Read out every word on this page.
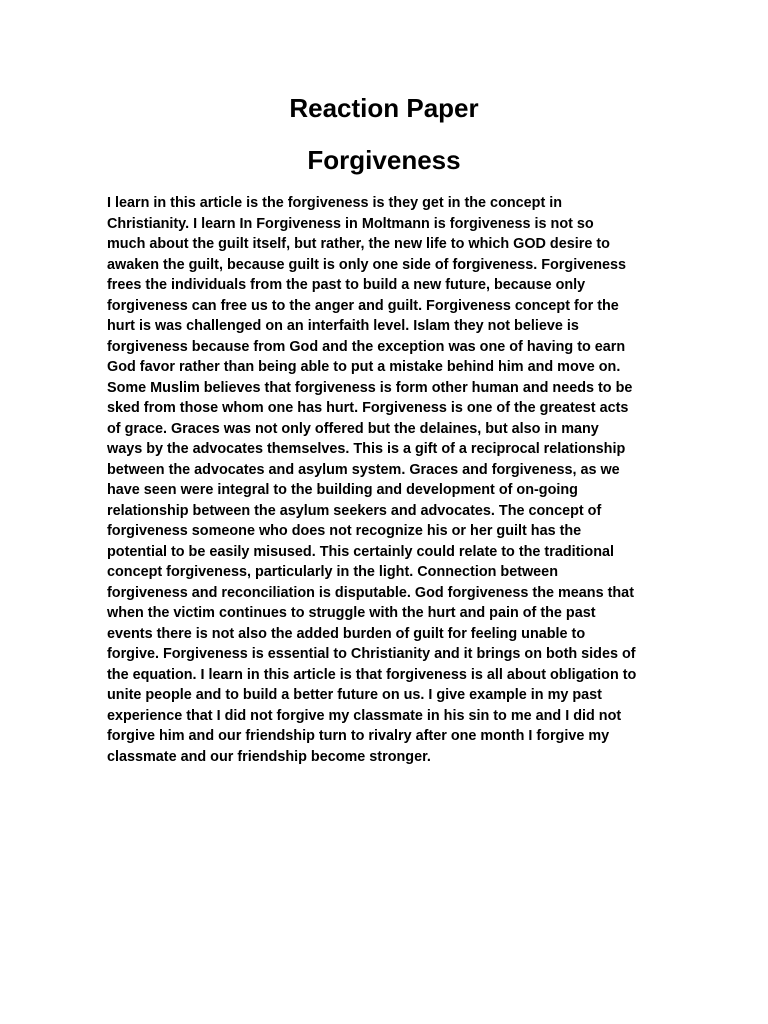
Reaction Paper
Forgiveness
I learn in this article is the forgiveness is they get in the concept in
Christianity. I learn In Forgiveness in Moltmann is forgiveness is not so
much about the guilt itself, but rather, the new life to which GOD desire to
awaken the guilt, because guilt is only one side of forgiveness. Forgiveness
frees the individuals from the past to build a new future, because only
forgiveness can free us to the anger and guilt. Forgiveness concept for the
hurt is was challenged on an interfaith level. Islam they not believe is
forgiveness because from God and the exception was one of having to earn
God favor rather than being able to put a mistake behind him and move on.
Some Muslim believes that forgiveness is form other human and needs to be
sked from those whom one has hurt. Forgiveness is one of the greatest acts
of grace. Graces was not only offered but the delaines, but also in many
ways by the advocates themselves. This is a gift of a reciprocal relationship
between the advocates and asylum system. Graces and forgiveness, as we
have seen were integral to the building and development of on-going
relationship between the asylum seekers and advocates. The concept of
forgiveness someone who does not recognize his or her guilt has the
potential to be easily misused. This certainly could relate to the traditional
concept forgiveness, particularly in the light. Connection between
forgiveness and reconciliation is disputable. God forgiveness the means that
when the victim continues to struggle with the hurt and pain of the past
events there is not also the added burden of guilt for feeling unable to
forgive. Forgiveness is essential to Christianity and it brings on both sides of
the equation. I learn in this article is that forgiveness is all about obligation to
unite people and to build a better future on us. I give example in my past
experience that I did not forgive my classmate in his sin to me and I did not
forgive him and our friendship turn to rivalry after one month I forgive my
classmate and our friendship become stronger.
